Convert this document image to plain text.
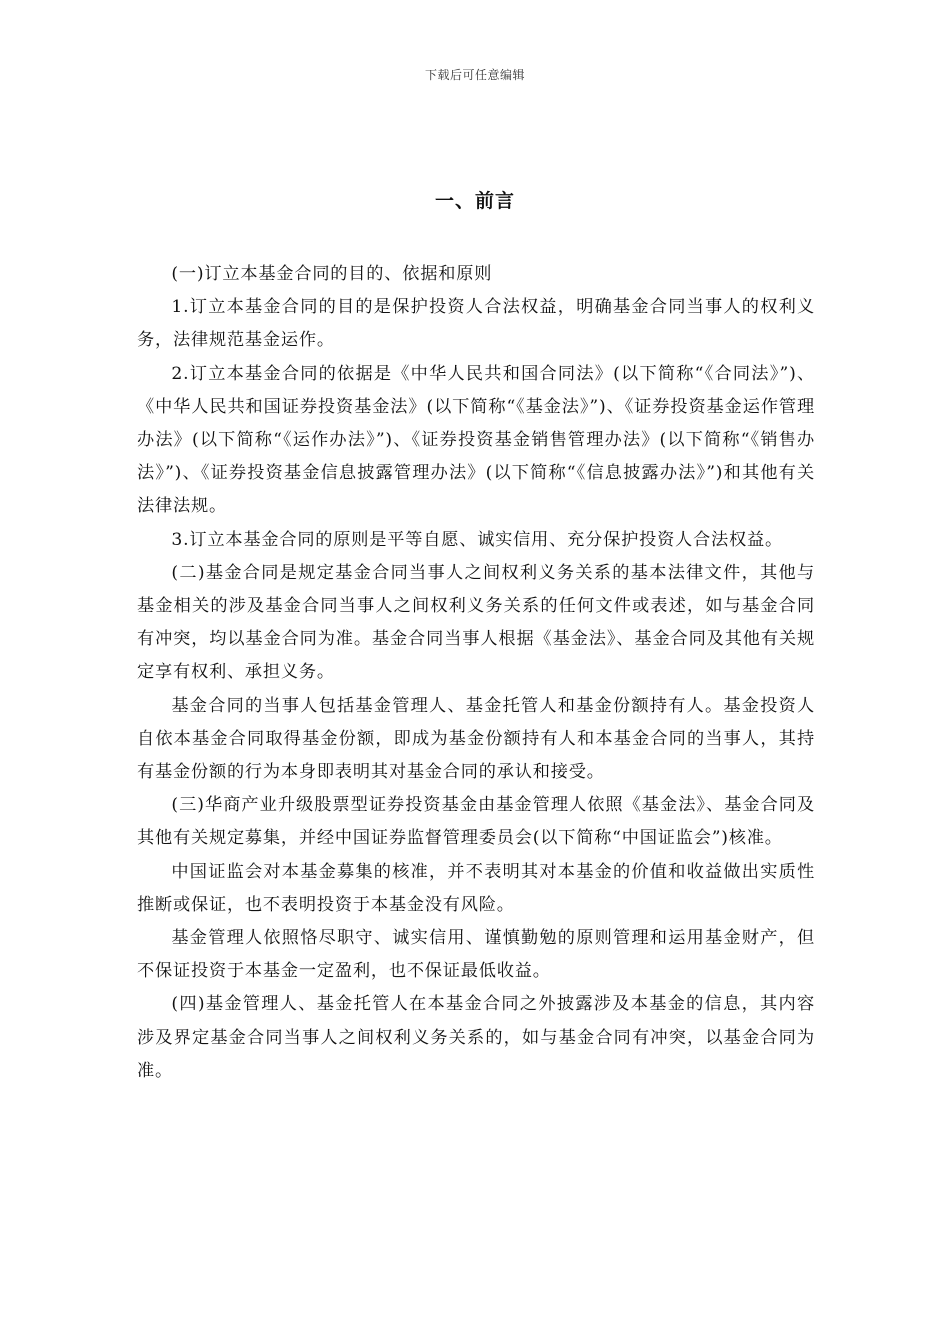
下载后可任意编辑
一、前言

(一)订立本基金合同的目的、依据和原则

1.订立本基金合同的目的是保护投资人合法权益，明确基金合同当事人的权利义务，法律规范基金运作。

2.订立本基金合同的依据是《中华人民共和国合同法》(以下简称“《合同法》”)、《中华人民共和国证券投资基金法》(以下简称“《基金法》”)、《证券投资基金运作管理办法》(以下简称“《运作办法》”)、《证券投资基金销售管理办法》(以下简称“《销售办法》”)、《证券投资基金信息披露管理办法》(以下简称“《信息披露办法》”)和其他有关法律法规。

3.订立本基金合同的原则是平等自愿、诚实信用、充分保护投资人合法权益。

(二)基金合同是规定基金合同当事人之间权利义务关系的基本法律文件，其他与基金相关的涉及基金合同当事人之间权利义务关系的任何文件或表述，如与基金合同有冲突，均以基金合同为准。基金合同当事人根据《基金法》、基金合同及其他有关规定享有权利、承担义务。

基金合同的当事人包括基金管理人、基金托管人和基金份额持有人。基金投资人自依本基金合同取得基金份额，即成为基金份额持有人和本基金合同的当事人，其持有基金份额的行为本身即表明其对基金合同的承认和接受。

(三)华商产业升级股票型证券投资基金由基金管理人依照《基金法》、基金合同及其他有关规定募集，并经中国证券监督管理委员会(以下简称“中国证监会”)核准。

中国证监会对本基金募集的核准，并不表明其对本基金的价值和收益做出实质性推断或保证，也不表明投资于本基金没有风险。

基金管理人依照恪尽职守、诚实信用、谨慎勤勉的原则管理和运用基金财产，但不保证投资于本基金一定盈利，也不保证最低收益。

(四)基金管理人、基金托管人在本基金合同之外披露涉及本基金的信息，其内容涉及界定基金合同当事人之间权利义务关系的，如与基金合同有冲突，以基金合同为准。
